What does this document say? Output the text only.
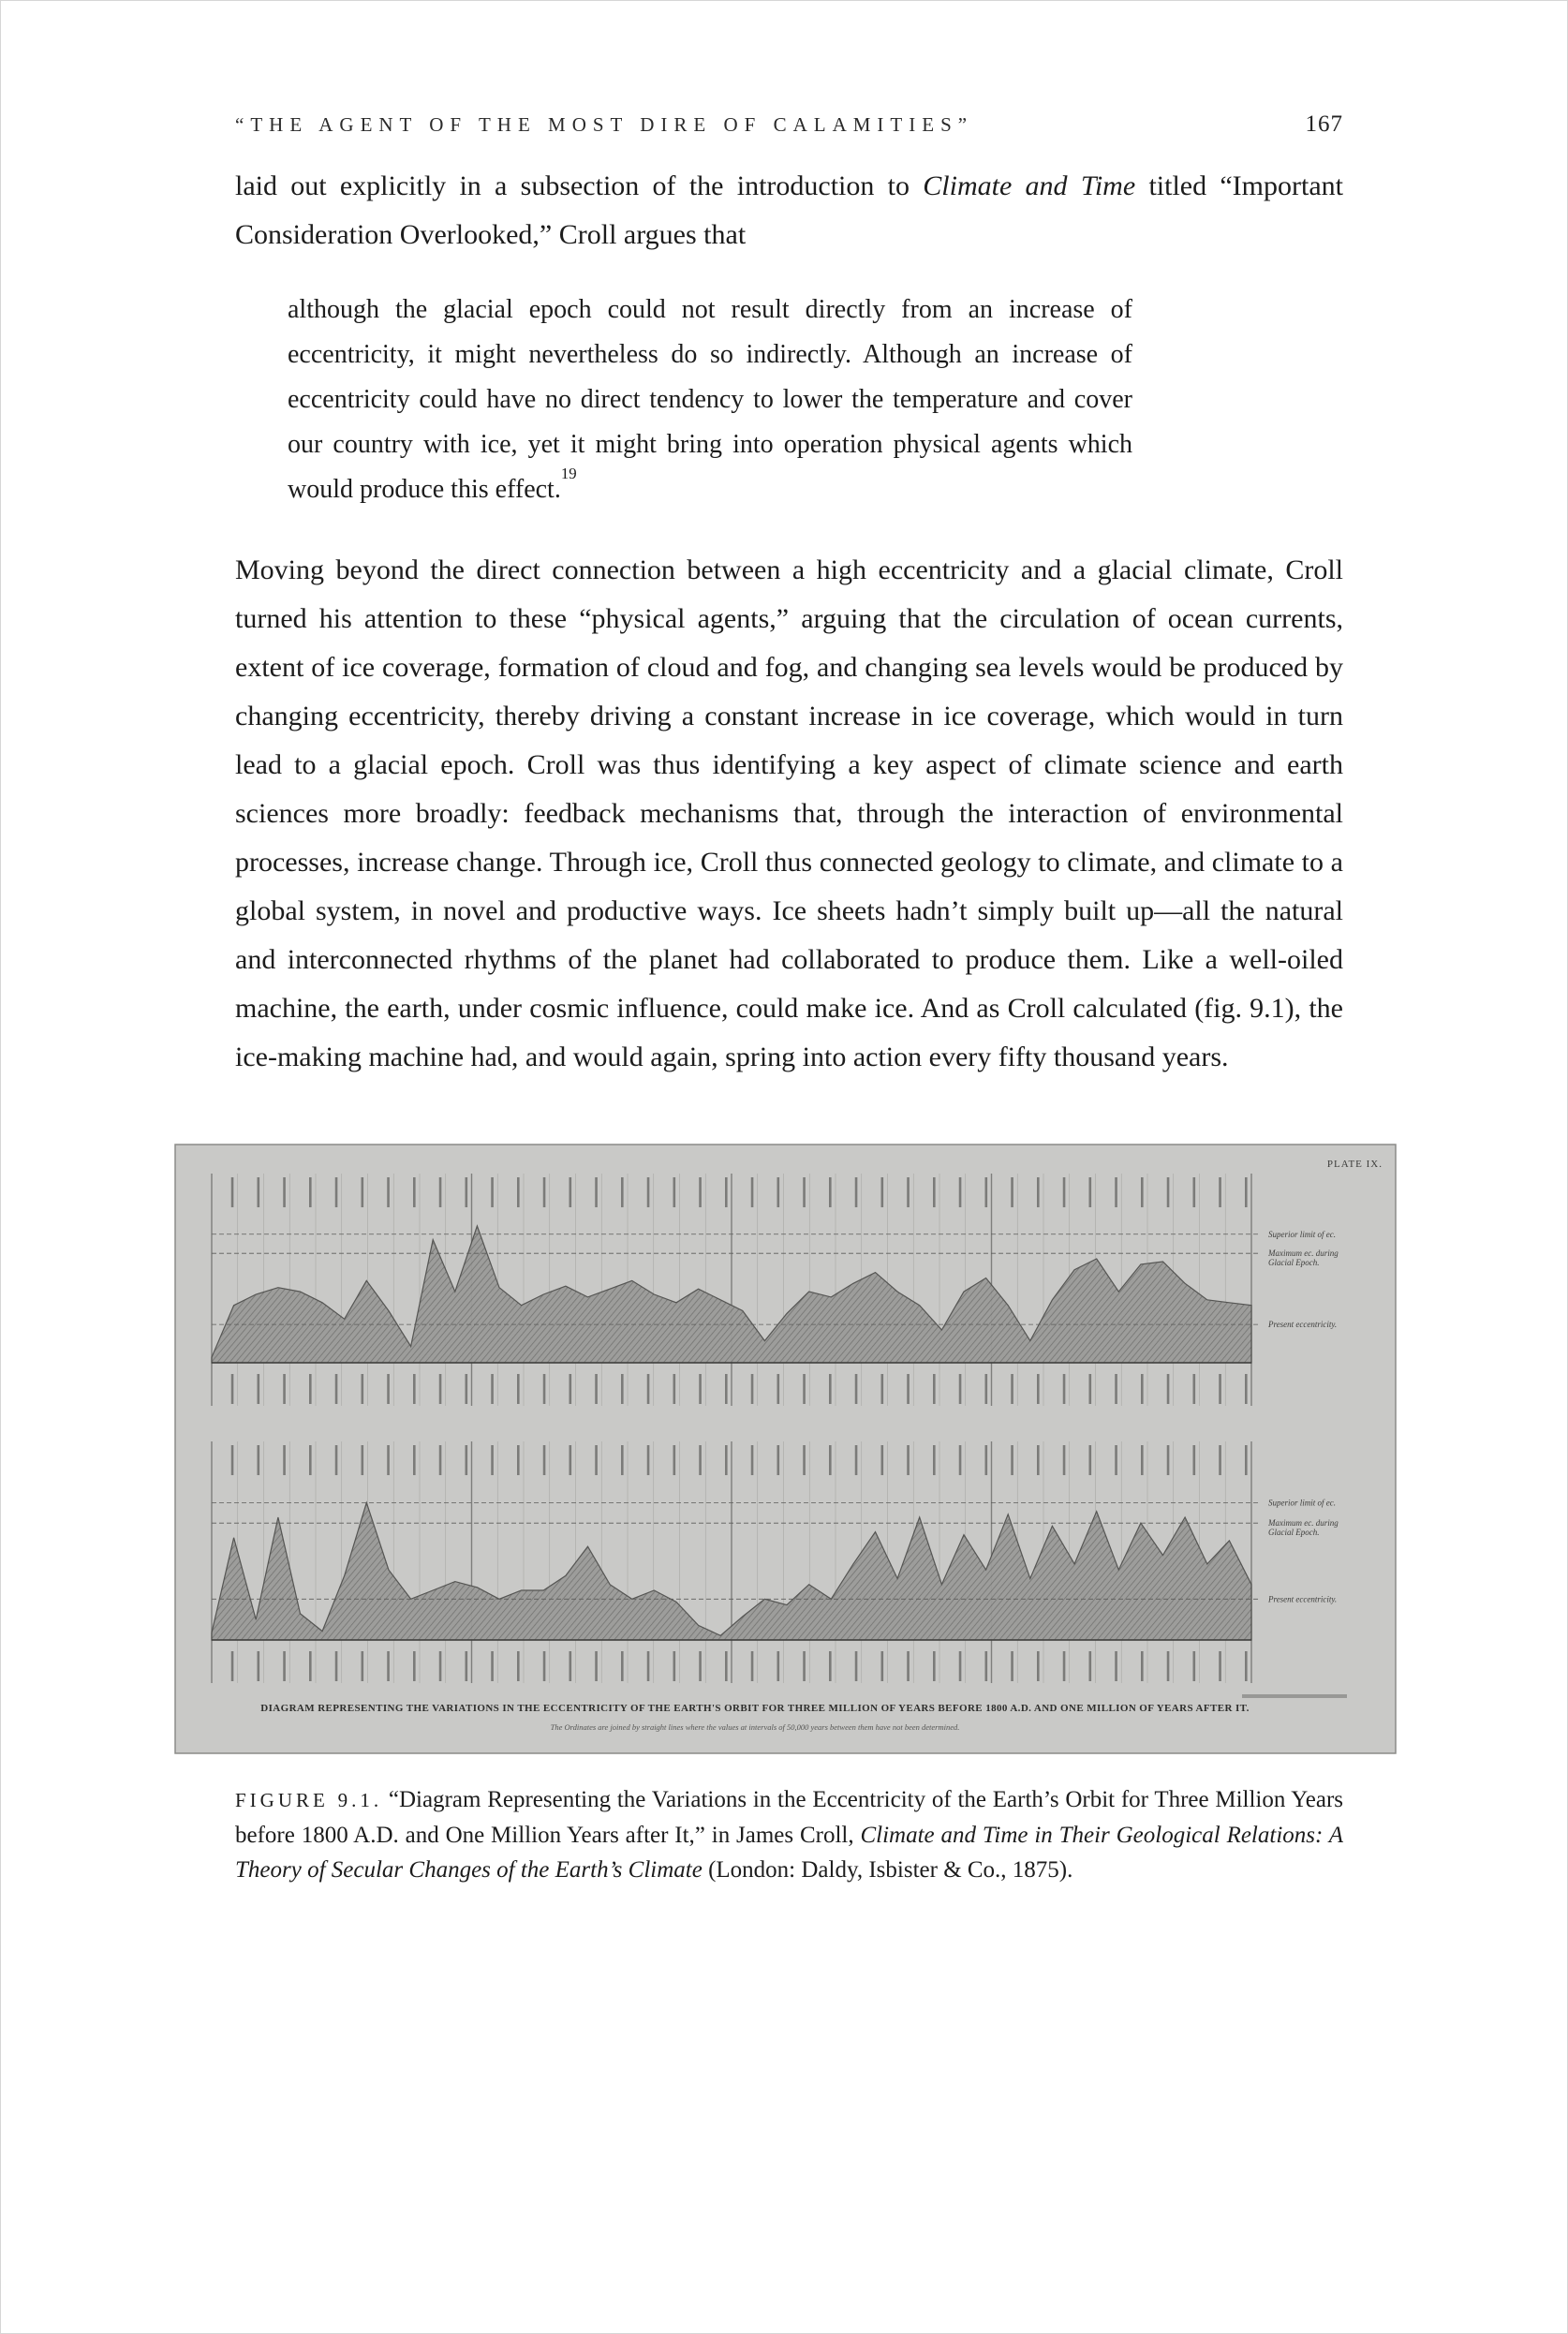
“THE AGENT OF THE MOST DIRE OF CALAMITIES”	167

laid out explicitly in a subsection of the introduction to Climate and Time titled “Important Consideration Overlooked,” Croll argues that

although the glacial epoch could not result directly from an increase of eccentricity, it might nevertheless do so indirectly. Although an increase of eccentricity could have no direct tendency to lower the temperature and cover our country with ice, yet it might bring into operation physical agents which would produce this effect.$^{19}$

Moving beyond the direct connection between a high eccentricity and a glacial climate, Croll turned his attention to these “physical agents,” arguing that the circulation of ocean currents, extent of ice coverage, formation of cloud and fog, and changing sea levels would be produced by changing eccentricity, thereby driving a constant increase in ice coverage, which would in turn lead to a glacial epoch. Croll was thus identifying a key aspect of climate science and earth sciences more broadly: feedback mechanisms that, through the interaction of environmental processes, increase change. Through ice, Croll thus connected geology to climate, and climate to a global system, in novel and productive ways. Ice sheets hadn’t simply built up—all the natural and interconnected rhythms of the planet had collaborated to produce them. Like a well-oiled machine, the earth, under cosmic influence, could make ice. And as Croll calculated (fig. 9.1), the ice-making machine had, and would again, spring into action every fifty thousand years.

PLATE IX.
Superior limit of ec.
Maximum ec. during Glacial Epoch.
Present eccentricity.
Superior limit of ec.
Maximum ec. during Glacial Epoch.
Present eccentricity.
DIAGRAM REPRESENTING THE VARIATIONS IN THE ECCENTRICITY OF THE EARTH'S ORBIT FOR THREE MILLION OF YEARS BEFORE 1800 A.D. AND ONE MILLION OF YEARS AFTER IT.
The Ordinates are joined by straight lines where the values at intervals of 50,000 years between them have not been determined.

FIGURE 9.1. “Diagram Representing the Variations in the Eccentricity of the Earth’s Orbit for Three Million Years before 1800 A.D. and One Million Years after It,” in James Croll, Climate and Time in Their Geological Relations: A Theory of Secular Changes of the Earth’s Climate (London: Daldy, Isbister & Co., 1875).
